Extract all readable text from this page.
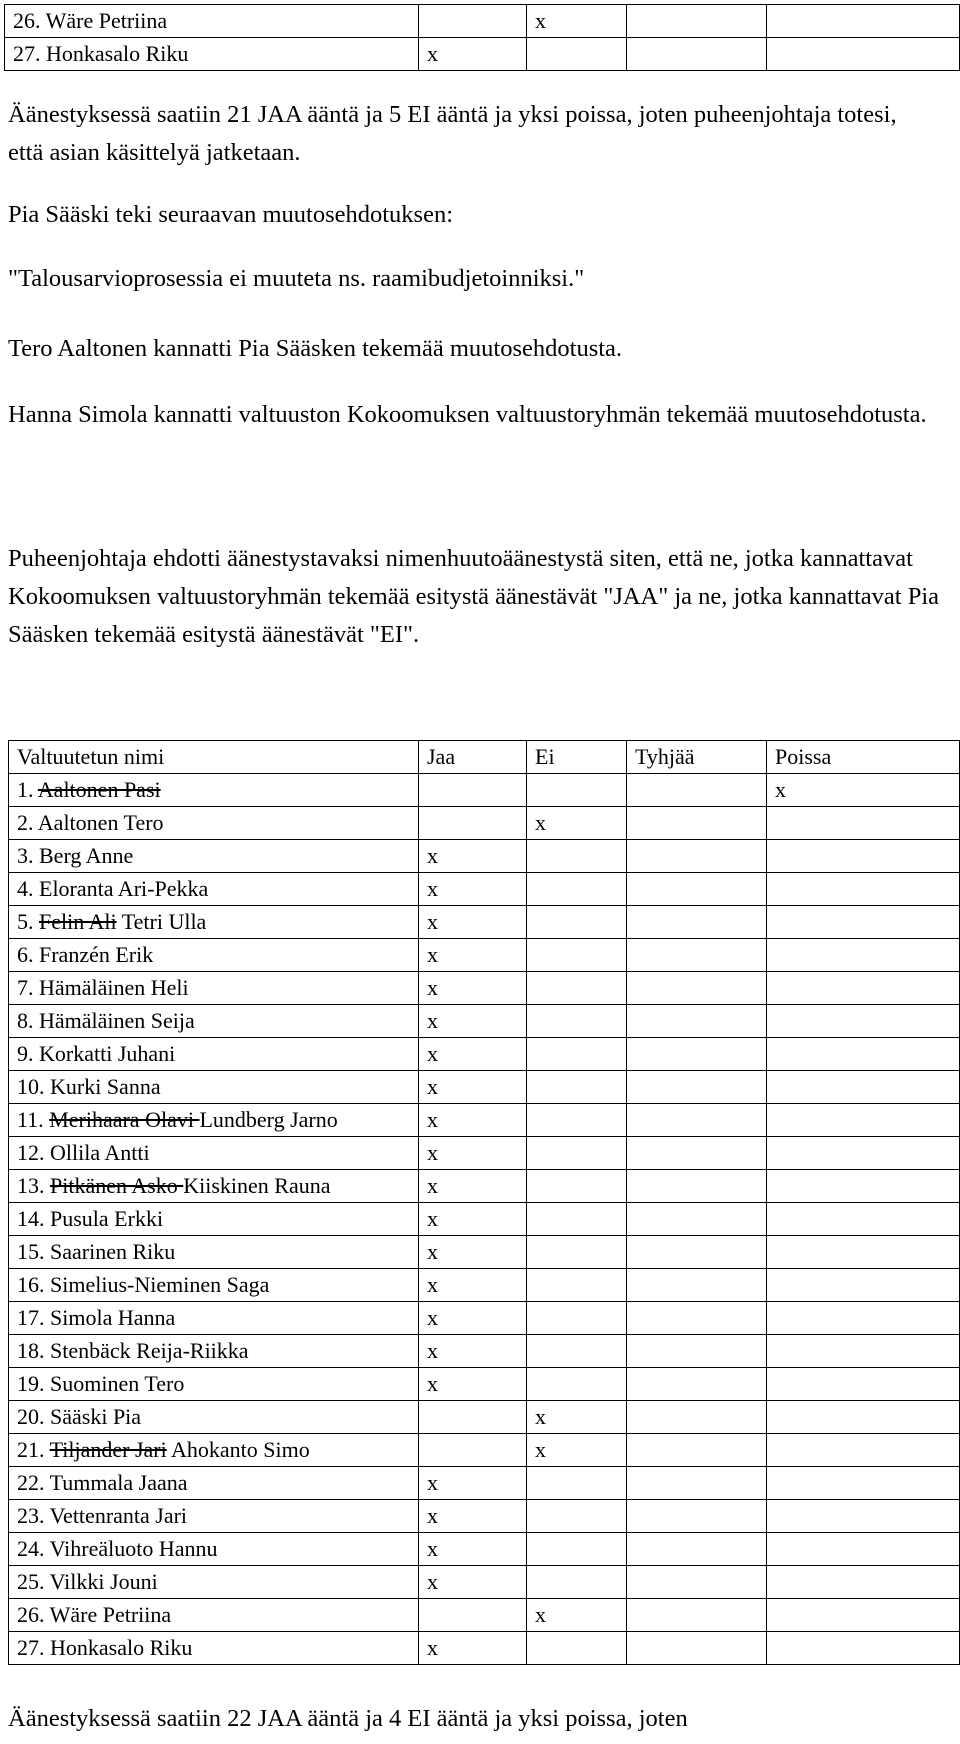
26. Wäre Petriina		x		
27. Honkasalo Riku	x			

Äänestyksessä saatiin 21 JAA ääntä ja 5 EI ääntä ja yksi poissa, joten puheenjohtaja totesi, että asian käsittelyä jatketaan.

Pia Sääski teki seuraavan muutosehdotuksen:

"Talousarvioprosessia ei muuteta ns. raamibudjetoinniksi."

Tero Aaltonen kannatti Pia Sääsken tekemää muutosehdotusta.

Hanna Simola kannatti valtuuston Kokoomuksen valtuustoryhmän tekemää muutosehdotusta.

Puheenjohtaja ehdotti äänestystavaksi nimenhuutoäänestystä siten, että ne, jotka kannattavat Kokoomuksen valtuustoryhmän tekemää esitystä äänestävät "JAA" ja ne, jotka kannattavat Pia Sääsken tekemää esitystä äänestävät "EI".

Valtuutetun nimi	Jaa	Ei	Tyhjää	Poissa
1. Aaltonen Pasi				x
2. Aaltonen Tero		x		
3. Berg Anne	x			
4. Eloranta Ari-Pekka	x			
5. Felin Ali Tetri Ulla	x			
6. Franzén Erik	x			
7. Hämäläinen Heli	x			
8. Hämäläinen Seija	x			
9. Korkatti Juhani	x			
10. Kurki Sanna	x			
11. Merihaara Olavi Lundberg Jarno	x			
12. Ollila Antti	x			
13. Pitkänen Asko Kiiskinen Rauna	x			
14. Pusula Erkki	x			
15. Saarinen Riku	x			
16. Simelius-Nieminen Saga	x			
17. Simola Hanna	x			
18. Stenbäck Reija-Riikka	x			
19. Suominen Tero	x			
20. Sääski Pia		x		
21. Tiljander Jari Ahokanto Simo		x		
22. Tummala Jaana	x			
23. Vettenranta Jari	x			
24. Vihreäluoto Hannu	x			
25. Vilkki Jouni	x			
26. Wäre Petriina		x		
27. Honkasalo Riku	x			

Äänestyksessä saatiin 22 JAA ääntä ja 4 EI ääntä ja yksi poissa, joten
